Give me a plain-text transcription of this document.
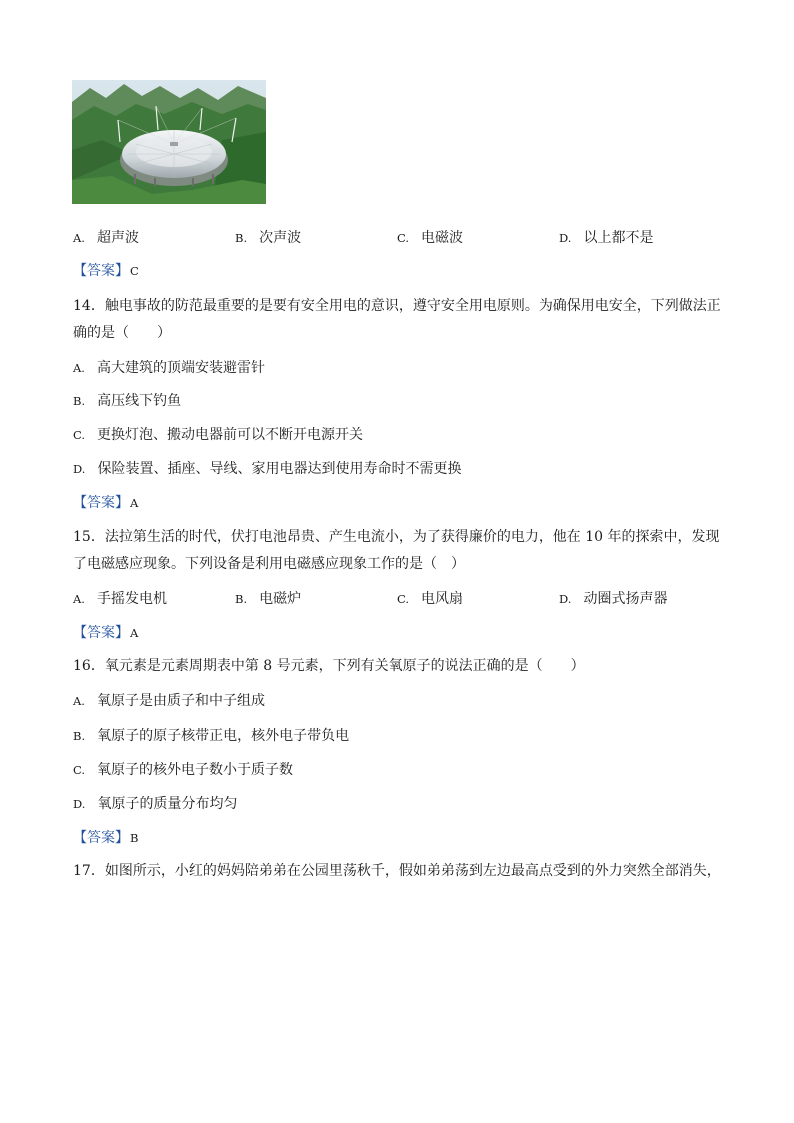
A. 超声波	B. 次声波	C. 电磁波	D. 以上都不是
【答案】C
14．触电事故的防范最重要的是要有安全用电的意识，遵守安全用电原则。为确保用电安全，下列做法正
确的是（　　）
A. 高大建筑的顶端安装避雷针
B. 高压线下钓鱼
C. 更换灯泡、搬动电器前可以不断开电源开关
D. 保险装置、插座、导线、家用电器达到使用寿命时不需更换
【答案】A
15．法拉第生活的时代，伏打电池昂贵、产生电流小，为了获得廉价的电力，他在 10 年的探索中，发现
了电磁感应现象。下列设备是利用电磁感应现象工作的是（　）
A. 手摇发电机	B. 电磁炉	C. 电风扇	D. 动圈式扬声器
【答案】A
16．氧元素是元素周期表中第 8 号元素，下列有关氧原子的说法正确的是（　　）
A. 氧原子是由质子和中子组成
B. 氧原子的原子核带正电，核外电子带负电
C. 氧原子的核外电子数小于质子数
D. 氧原子的质量分布均匀
【答案】B
17．如图所示，小红的妈妈陪弟弟在公园里荡秋千，假如弟弟荡到左边最高点受到的外力突然全部消失，
